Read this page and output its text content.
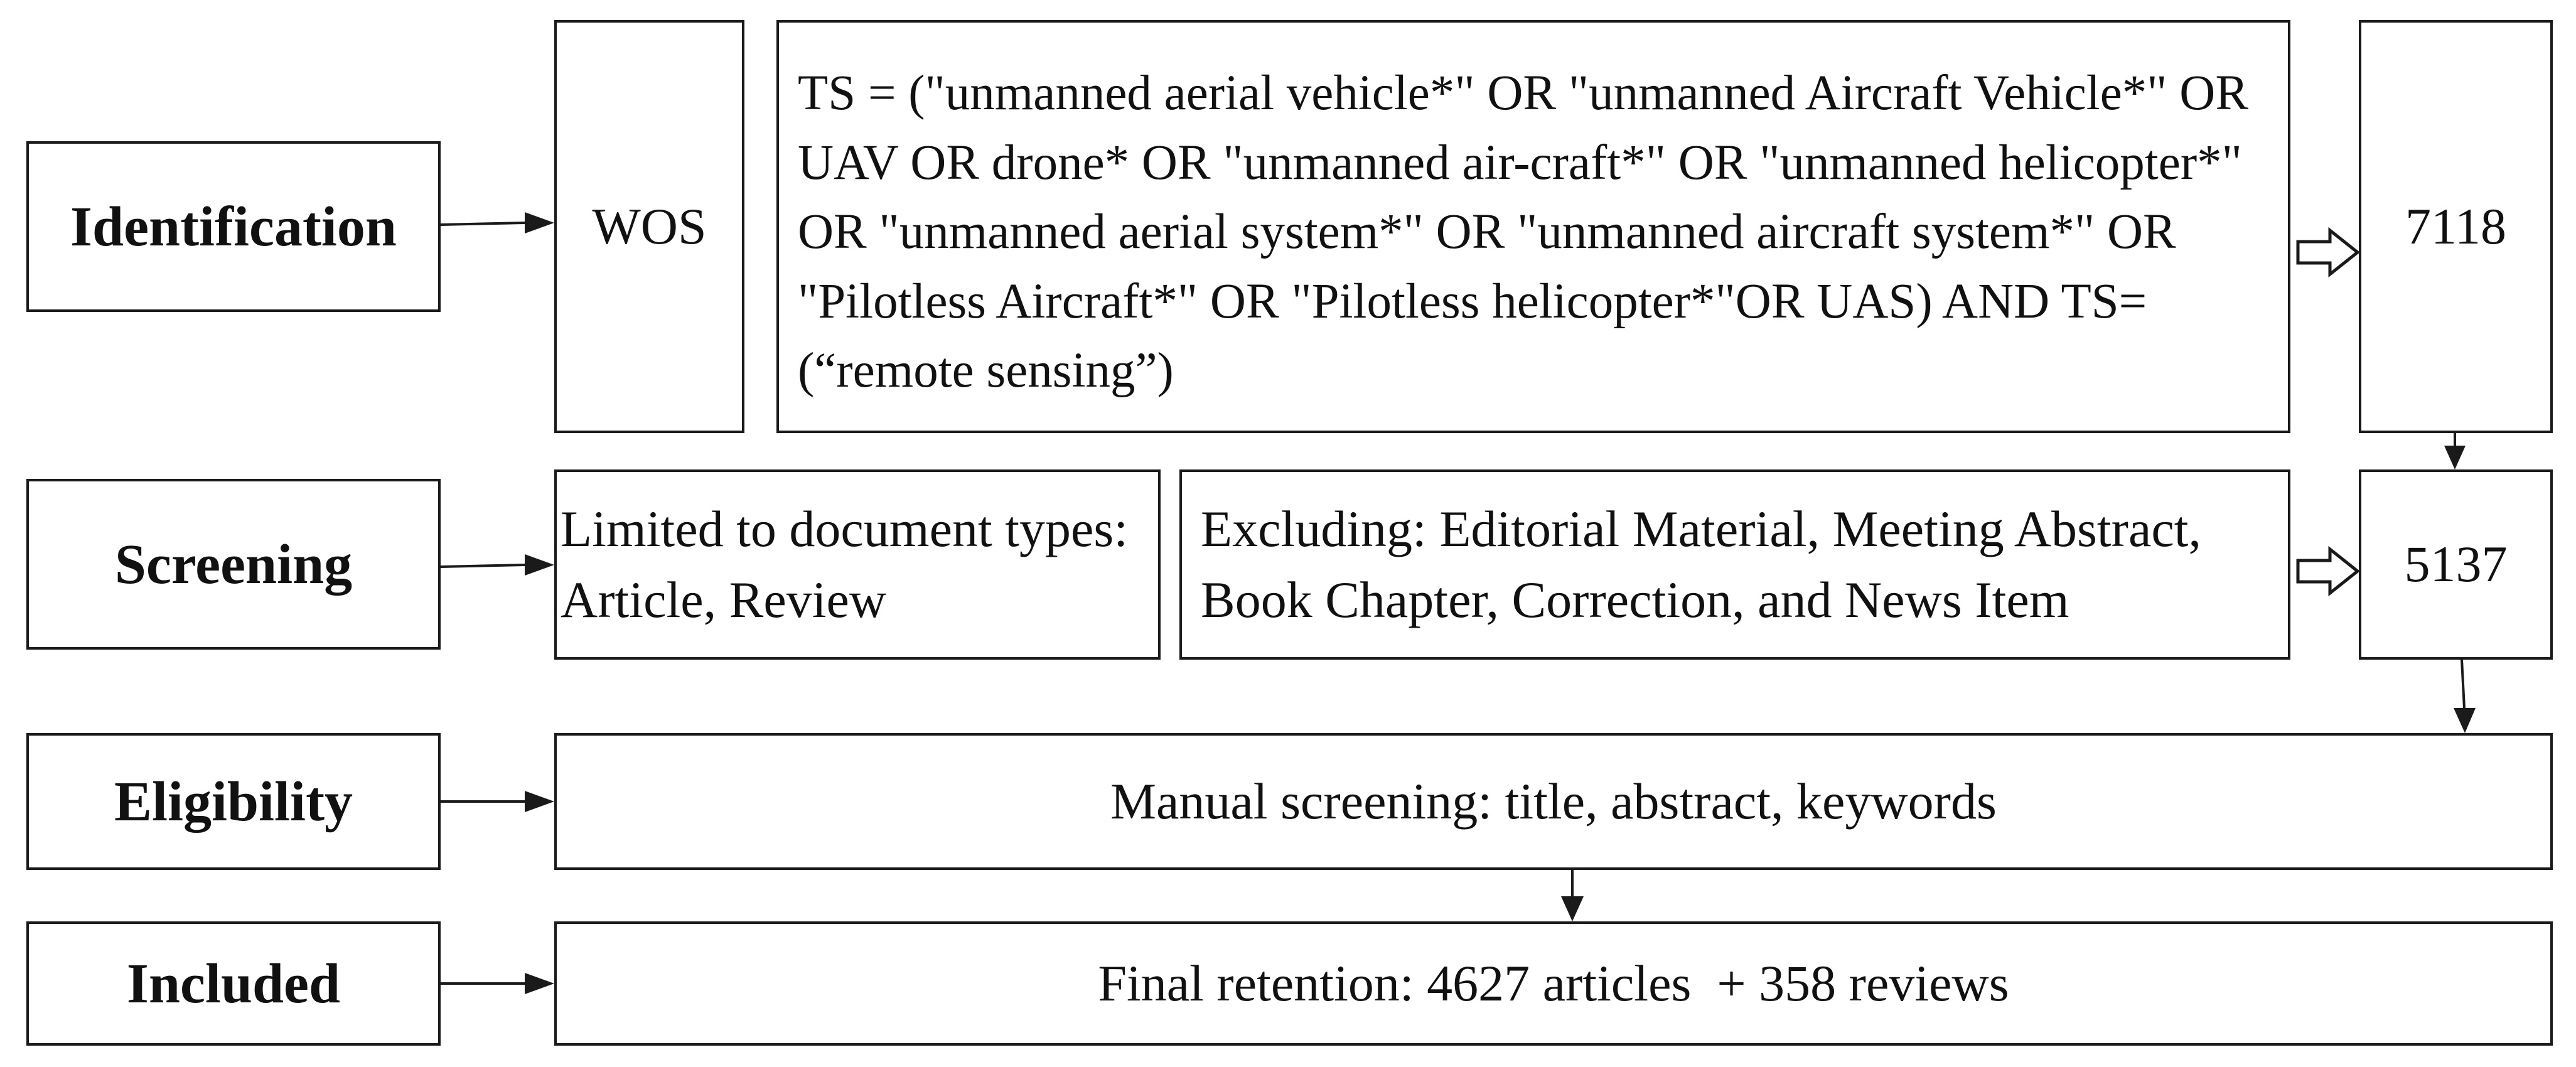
Identification
Screening
Eligibility
Included
WOS
TS = ("unmanned aerial vehicle*" OR "unmanned Aircraft Vehicle*" OR UAV OR drone* OR "unmanned air-craft*" OR "unmanned helicopter*" OR "unmanned aerial system*" OR "unmanned aircraft system*" OR "Pilotless Aircraft*" OR "Pilotless helicopter*"OR UAS) AND TS=(“remote sensing”)
7118
Limited to document types: Article, Review
Excluding: Editorial Material, Meeting Abstract, Book Chapter, Correction, and News Item
5137
Manual screening: title, abstract, keywords
Final retention: 4627 articles  + 358 reviews
